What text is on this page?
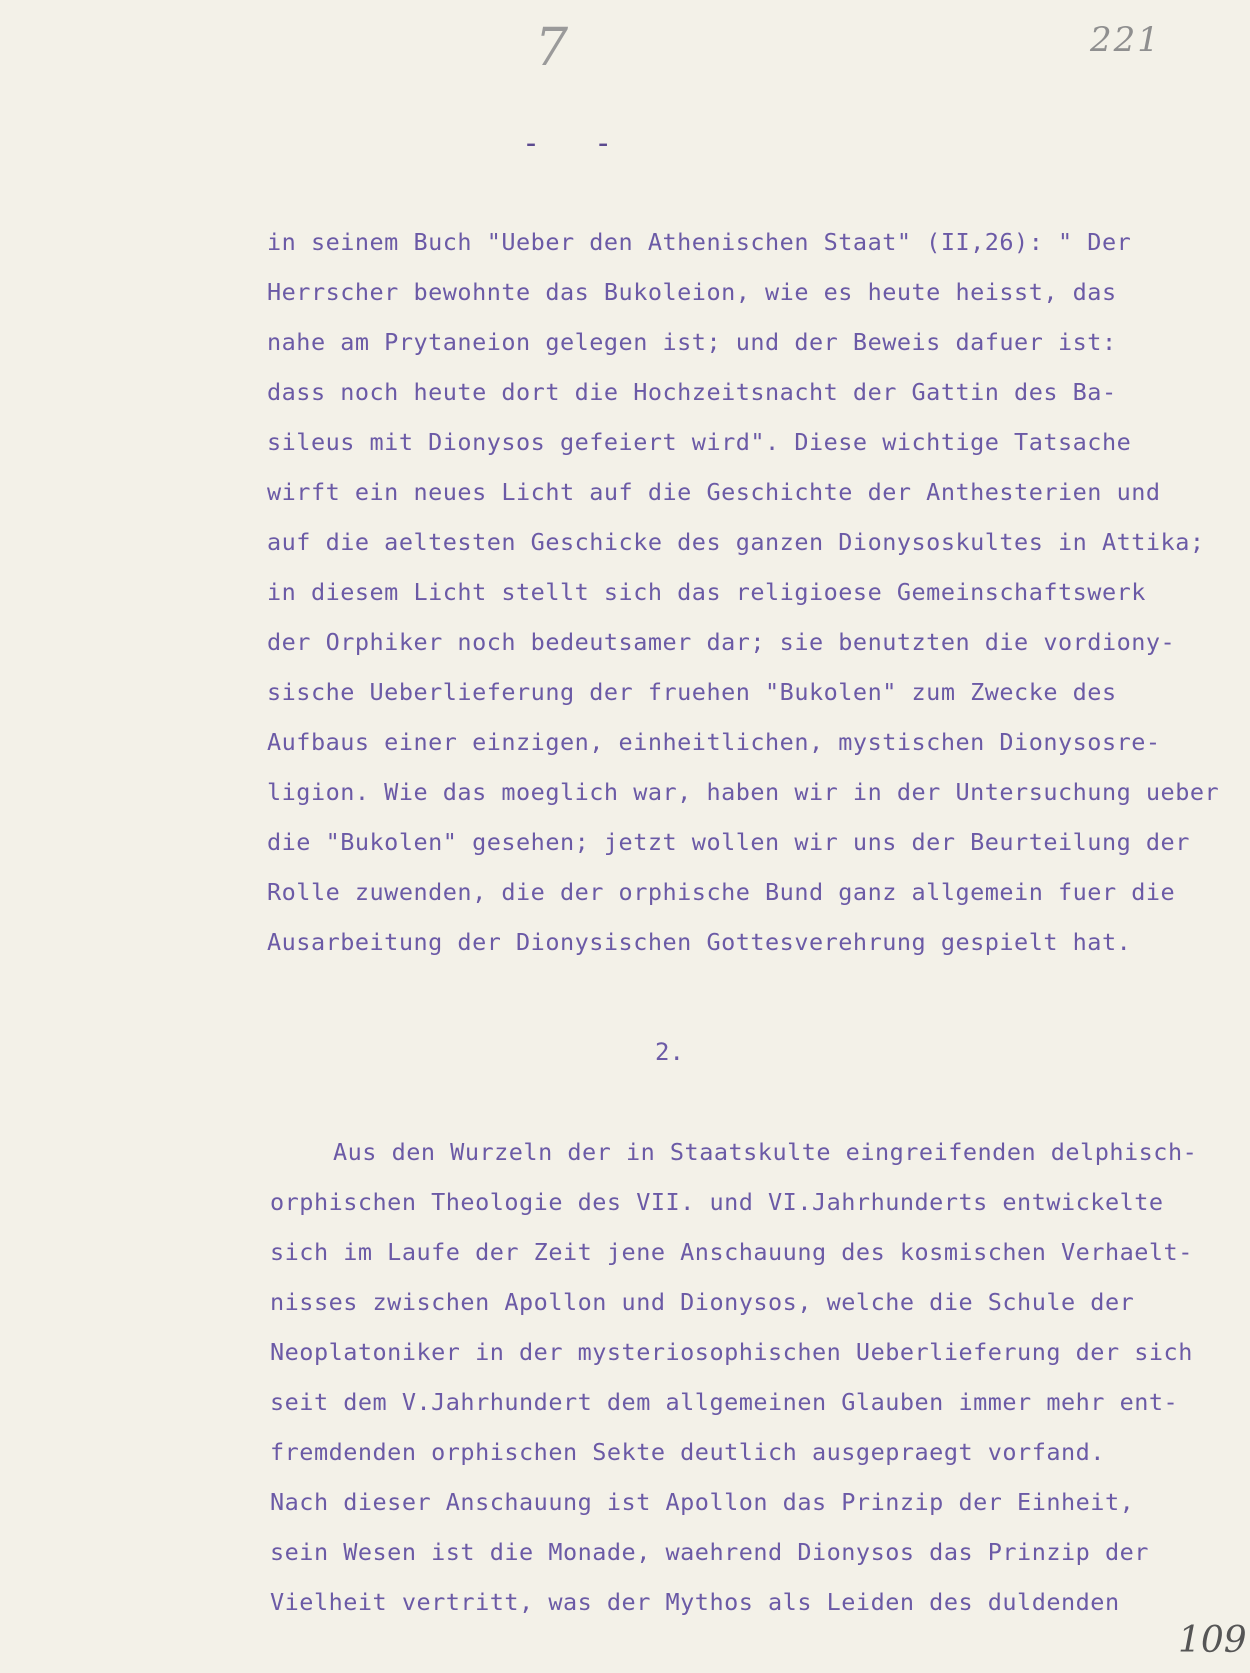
7	221
-  -
in seinem Buch "Ueber den Athenischen Staat" (II,26): " Der
Herrscher bewohnte das Bukoleion, wie es heute heisst, das
nahe am Prytaneion gelegen ist; und der Beweis dafuer ist:
dass noch heute dort die Hochzeitsnacht der Gattin des Ba-
sileus mit Dionysos gefeiert wird". Diese wichtige Tatsache
wirft ein neues Licht auf die Geschichte der Anthesterien und
auf die aeltesten Geschicke des ganzen Dionysoskultes in Attika;
in diesem Licht stellt sich das religioese Gemeinschaftswerk
der Orphiker noch bedeutsamer dar; sie benutzten die vordiony-
sische Ueberlieferung der fruehen "Bukolen" zum Zwecke des
Aufbaus einer einzigen, einheitlichen, mystischen Dionysosre-
ligion. Wie das moeglich war, haben wir in der Untersuchung ueber
die "Bukolen" gesehen; jetzt wollen wir uns der Beurteilung der
Rolle zuwenden, die der orphische Bund ganz allgemein fuer die
Ausarbeitung der Dionysischen Gottesverehrung gespielt hat.
Aus den Wurzeln der in Staatskulte eingreifenden delphisch-
orphischen Theologie des VII. und VI.Jahrhunderts entwickelte
sich im Laufe der Zeit jene Anschauung des kosmischen Verhaelt-
nisses zwischen Apollon und Dionysos, welche die Schule der
Neoplatoniker in der mysteriosophischen Ueberlieferung der sich
seit dem V.Jahrhundert dem allgemeinen Glauben immer mehr ent-
fremdenden orphischen Sekte deutlich ausgepraegt vorfand.
Nach dieser Anschauung ist Apollon das Prinzip der Einheit,
sein Wesen ist die Monade, waehrend Dionysos das Prinzip der
Vielheit vertritt, was der Mythos als Leiden des duldenden
2.
109
